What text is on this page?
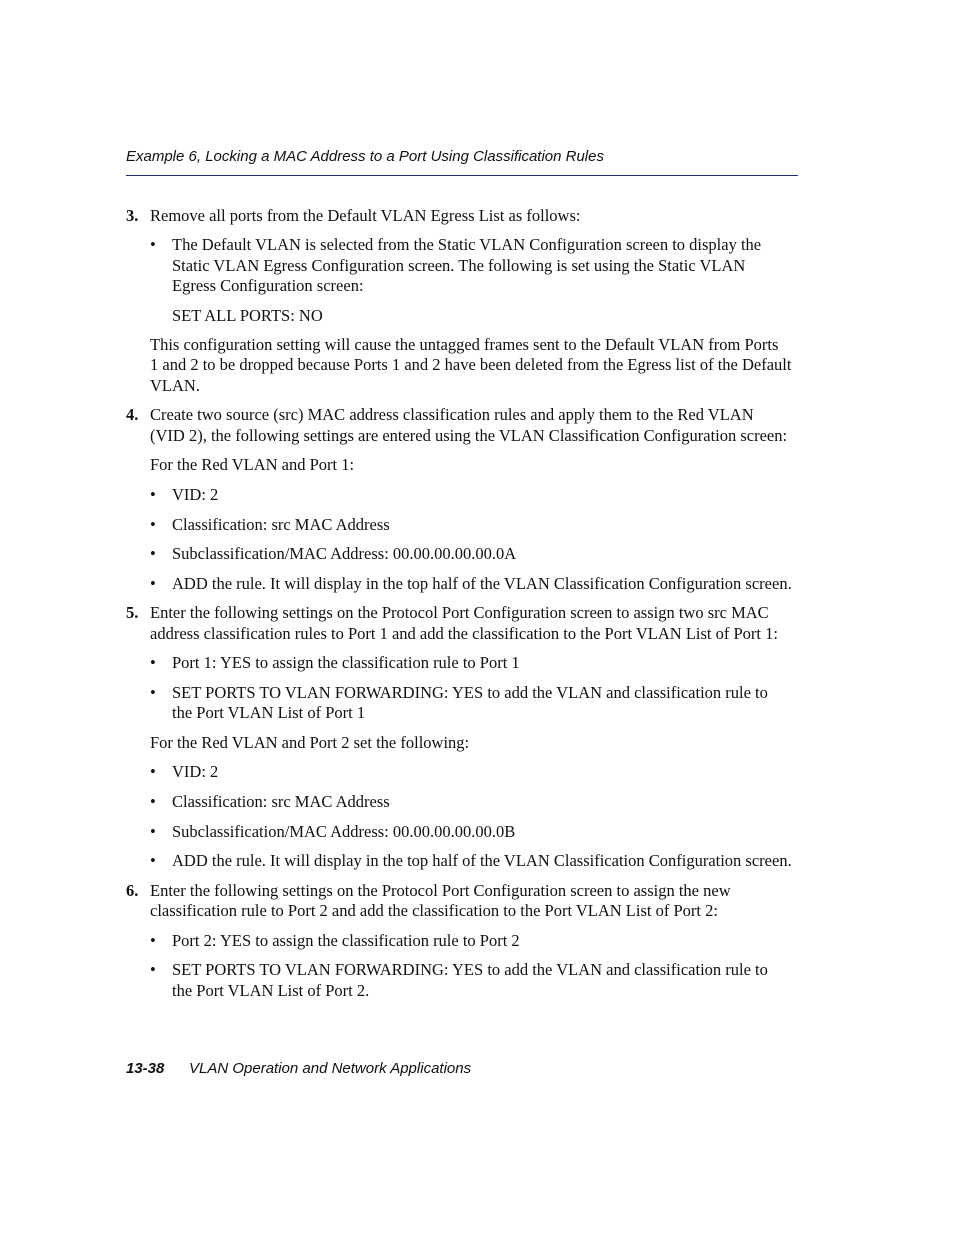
Example 6, Locking a MAC Address to a Port Using Classification Rules
3. Remove all ports from the Default VLAN Egress List as follows:
• The Default VLAN is selected from the Static VLAN Configuration screen to display the
Static VLAN Egress Configuration screen. The following is set using the Static VLAN
Egress Configuration screen:
SET ALL PORTS: NO
This configuration setting will cause the untagged frames sent to the Default VLAN from Ports
1 and 2 to be dropped because Ports 1 and 2 have been deleted from the Egress list of the Default
VLAN.
4. Create two source (src) MAC address classification rules and apply them to the Red VLAN
(VID 2), the following settings are entered using the VLAN Classification Configuration screen:
For the Red VLAN and Port 1:
• VID: 2
• Classification: src MAC Address
• Subclassification/MAC Address: 00.00.00.00.00.0A
• ADD the rule. It will display in the top half of the VLAN Classification Configuration screen.
5. Enter the following settings on the Protocol Port Configuration screen to assign two src MAC
address classification rules to Port 1 and add the classification to the Port VLAN List of Port 1:
• Port 1: YES to assign the classification rule to Port 1
• SET PORTS TO VLAN FORWARDING: YES to add the VLAN and classification rule to
the Port VLAN List of Port 1
For the Red VLAN and Port 2 set the following:
• VID: 2
• Classification: src MAC Address
• Subclassification/MAC Address: 00.00.00.00.00.0B
• ADD the rule. It will display in the top half of the VLAN Classification Configuration screen.
6. Enter the following settings on the Protocol Port Configuration screen to assign the new
classification rule to Port 2 and add the classification to the Port VLAN List of Port 2:
• Port 2: YES to assign the classification rule to Port 2
• SET PORTS TO VLAN FORWARDING: YES to add the VLAN and classification rule to
the Port VLAN List of Port 2.
13-38 VLAN Operation and Network Applications
